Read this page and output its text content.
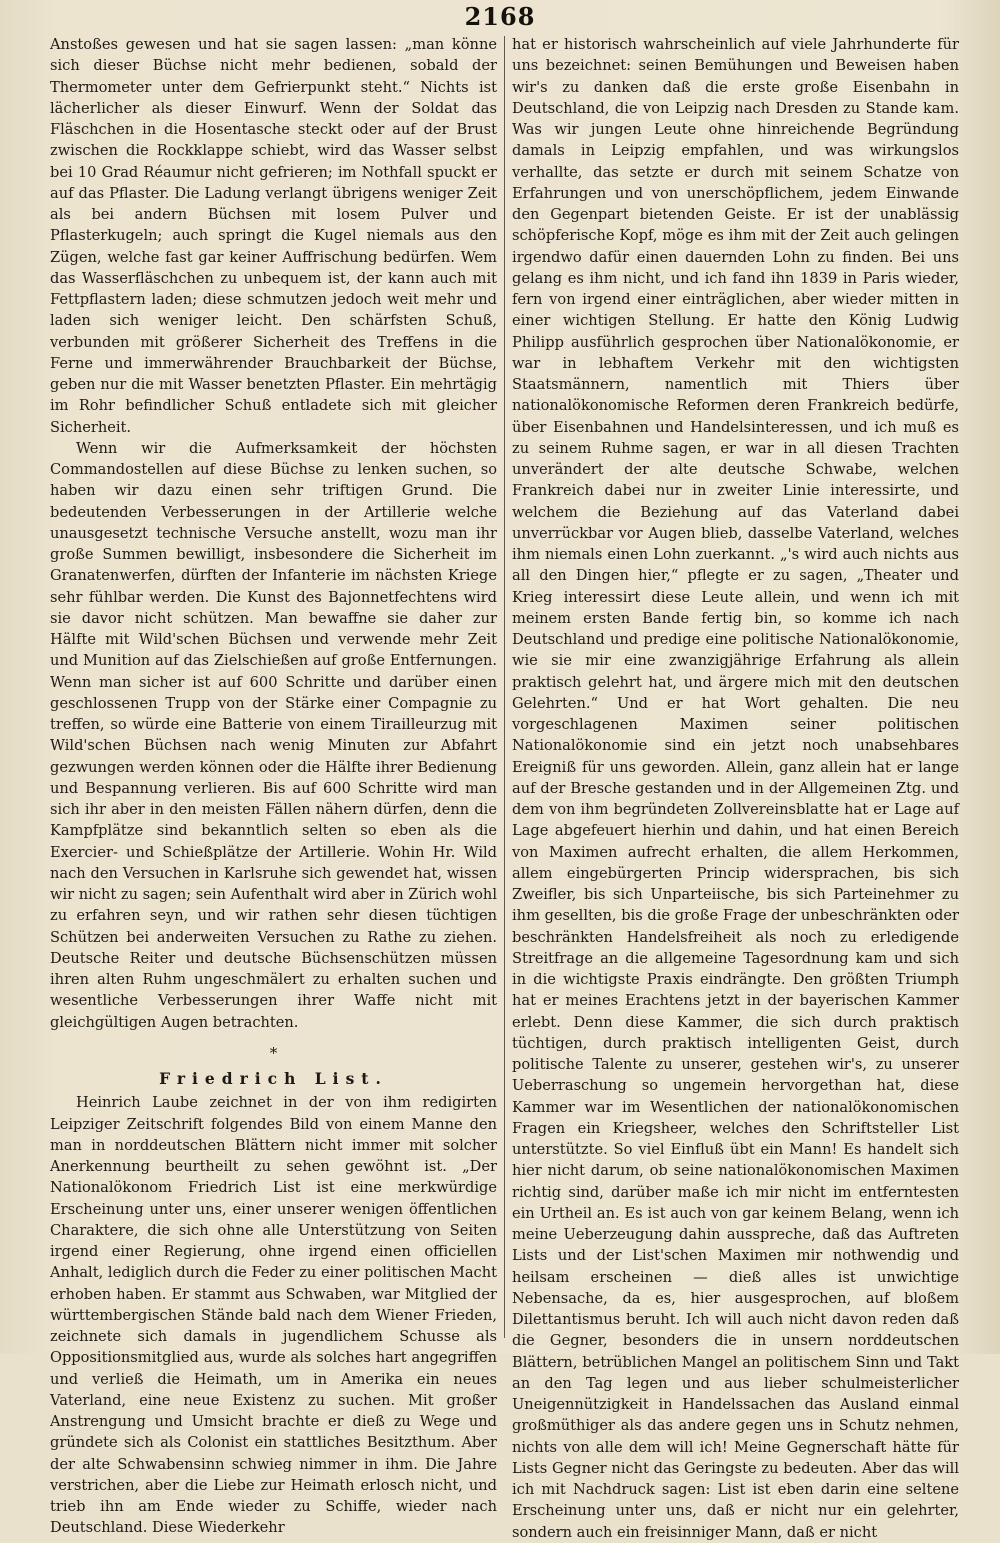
2168

Anstoßes gewesen und hat sie sagen lassen: „man könne sich dieser Büchse nicht mehr bedienen, sobald der Thermometer unter dem Gefrierpunkt steht.“ Nichts ist lächerlicher als dieser Einwurf. Wenn der Soldat das Fläschchen in die Hosentasche steckt oder auf der Brust zwischen die Rockklappe schiebt, wird das Wasser selbst bei 10 Grad Réaumur nicht gefrieren; im Nothfall spuckt er auf das Pflaster. Die Ladung verlangt übrigens weniger Zeit als bei andern Büchsen mit losem Pulver und Pflasterkugeln; auch springt die Kugel niemals aus den Zügen, welche fast gar keiner Auffrischung bedürfen. Wem das Wasserfläschchen zu unbequem ist, der kann auch mit Fettpflastern laden; diese schmutzen jedoch weit mehr und laden sich weniger leicht. Den schärfsten Schuß, verbunden mit größerer Sicherheit des Treffens in die Ferne und immerwährender Brauchbarkeit der Büchse, geben nur die mit Wasser benetzten Pflaster. Ein mehrtägig im Rohr befindlicher Schuß entladete sich mit gleicher Sicherheit.

Wenn wir die Aufmerksamkeit der höchsten Commandostellen auf diese Büchse zu lenken suchen, so haben wir dazu einen sehr triftigen Grund. Die bedeutenden Verbesserungen in der Artillerie welche unausgesetzt technische Versuche anstellt, wozu man ihr große Summen bewilligt, insbesondere die Sicherheit im Granatenwerfen, dürften der Infanterie im nächsten Kriege sehr fühlbar werden. Die Kunst des Bajonnetfechtens wird sie davor nicht schützen. Man bewaffne sie daher zur Hälfte mit Wild'schen Büchsen und verwende mehr Zeit und Munition auf das Zielschießen auf große Entfernungen. Wenn man sicher ist auf 600 Schritte und darüber einen geschlossenen Trupp von der Stärke einer Compagnie zu treffen, so würde eine Batterie von einem Tirailleurzug mit Wild'schen Büchsen nach wenig Minuten zur Abfahrt gezwungen werden können oder die Hälfte ihrer Bedienung und Bespannung verlieren. Bis auf 600 Schritte wird man sich ihr aber in den meisten Fällen nähern dürfen, denn die Kampfplätze sind bekanntlich selten so eben als die Exercier- und Schießplätze der Artillerie. Wohin Hr. Wild nach den Versuchen in Karlsruhe sich gewendet hat, wissen wir nicht zu sagen; sein Aufenthalt wird aber in Zürich wohl zu erfahren seyn, und wir rathen sehr diesen tüchtigen Schützen bei anderweiten Versuchen zu Rathe zu ziehen. Deutsche Reiter und deutsche Büchsenschützen müssen ihren alten Ruhm ungeschmälert zu erhalten suchen und wesentliche Verbesserungen ihrer Waffe nicht mit gleichgültigen Augen betrachten.

*
Friedrich List.

Heinrich Laube zeichnet in der von ihm redigirten Leipziger Zeitschrift folgendes Bild von einem Manne den man in norddeutschen Blättern nicht immer mit solcher Anerkennung beurtheilt zu sehen gewöhnt ist. „Der Nationalökonom Friedrich List ist eine merkwürdige Erscheinung unter uns, einer unserer wenigen öffentlichen Charaktere, die sich ohne alle Unterstützung von Seiten irgend einer Regierung, ohne irgend einen officiellen Anhalt, lediglich durch die Feder zu einer politischen Macht erhoben haben. Er stammt aus Schwaben, war Mitglied der württembergischen Stände bald nach dem Wiener Frieden, zeichnete sich damals in jugendlichem Schusse als Oppositionsmitglied aus, wurde als solches hart angegriffen und verließ die Heimath, um in Amerika ein neues Vaterland, eine neue Existenz zu suchen. Mit großer Anstrengung und Umsicht brachte er dieß zu Wege und gründete sich als Colonist ein stattliches Besitzthum. Aber der alte Schwabensinn schwieg nimmer in ihm. Die Jahre verstrichen, aber die Liebe zur Heimath erlosch nicht, und trieb ihn am Ende wieder zu Schiffe, wieder nach Deutschland. Diese Wiederkehr

hat er historisch wahrscheinlich auf viele Jahrhunderte für uns bezeichnet: seinen Bemühungen und Beweisen haben wir's zu danken daß die erste große Eisenbahn in Deutschland, die von Leipzig nach Dresden zu Stande kam. Was wir jungen Leute ohne hinreichende Begründung damals in Leipzig empfahlen, und was wirkungslos verhallte, das setzte er durch mit seinem Schatze von Erfahrungen und von unerschöpflichem, jedem Einwande den Gegenpart bietenden Geiste. Er ist der unablässig schöpferische Kopf, möge es ihm mit der Zeit auch gelingen irgendwo dafür einen dauernden Lohn zu finden. Bei uns gelang es ihm nicht, und ich fand ihn 1839 in Paris wieder, fern von irgend einer einträglichen, aber wieder mitten in einer wichtigen Stellung. Er hatte den König Ludwig Philipp ausführlich gesprochen über Nationalökonomie, er war in lebhaftem Verkehr mit den wichtigsten Staatsmännern, namentlich mit Thiers über nationalökonomische Reformen deren Frankreich bedürfe, über Eisenbahnen und Handelsinteressen, und ich muß es zu seinem Ruhme sagen, er war in all diesen Trachten unverändert der alte deutsche Schwabe, welchen Frankreich dabei nur in zweiter Linie interessirte, und welchem die Beziehung auf das Vaterland dabei unverrückbar vor Augen blieb, dasselbe Vaterland, welches ihm niemals einen Lohn zuerkannt. „'s wird auch nichts aus all den Dingen hier,“ pflegte er zu sagen, „Theater und Krieg interessirt diese Leute allein, und wenn ich mit meinem ersten Bande fertig bin, so komme ich nach Deutschland und predige eine politische Nationalökonomie, wie sie mir eine zwanzigjährige Erfahrung als allein praktisch gelehrt hat, und ärgere mich mit den deutschen Gelehrten.“ Und er hat Wort gehalten. Die neu vorgeschlagenen Maximen seiner politischen Nationalökonomie sind ein jetzt noch unabsehbares Ereigniß für uns geworden. Allein, ganz allein hat er lange auf der Bresche gestanden und in der Allgemeinen Ztg. und dem von ihm begründeten Zollvereinsblatte hat er Lage auf Lage abgefeuert hierhin und dahin, und hat einen Bereich von Maximen aufrecht erhalten, die allem Herkommen, allem eingebürgerten Princip widersprachen, bis sich Zweifler, bis sich Unparteiische, bis sich Parteinehmer zu ihm gesellten, bis die große Frage der unbeschränkten oder beschränkten Handelsfreiheit als noch zu erledigende Streitfrage an die allgemeine Tagesordnung kam und sich in die wichtigste Praxis eindrängte. Den größten Triumph hat er meines Erachtens jetzt in der bayerischen Kammer erlebt. Denn diese Kammer, die sich durch praktisch tüchtigen, durch praktisch intelligenten Geist, durch politische Talente zu unserer, gestehen wir's, zu unserer Ueberraschung so ungemein hervorgethan hat, diese Kammer war im Wesentlichen der nationalökonomischen Fragen ein Kriegsheer, welches den Schriftsteller List unterstützte. So viel Einfluß übt ein Mann! Es handelt sich hier nicht darum, ob seine nationalökonomischen Maximen richtig sind, darüber maße ich mir nicht im entferntesten ein Urtheil an. Es ist auch von gar keinem Belang, wenn ich meine Ueberzeugung dahin ausspreche, daß das Auftreten Lists und der List'schen Maximen mir nothwendig und heilsam erscheinen — dieß alles ist unwichtige Nebensache, da es, hier ausgesprochen, auf bloßem Dilettantismus beruht. Ich will auch nicht davon reden daß die Gegner, besonders die in unsern norddeutschen Blättern, betrüblichen Mangel an politischem Sinn und Takt an den Tag legen und aus lieber schulmeisterlicher Uneigennützigkeit in Handelssachen das Ausland einmal großmüthiger als das andere gegen uns in Schutz nehmen, nichts von alle dem will ich! Meine Gegnerschaft hätte für Lists Gegner nicht das Geringste zu bedeuten. Aber das will ich mit Nachdruck sagen: List ist eben darin eine seltene Erscheinung unter uns, daß er nicht nur ein gelehrter, sondern auch ein freisinniger Mann, daß er nicht
